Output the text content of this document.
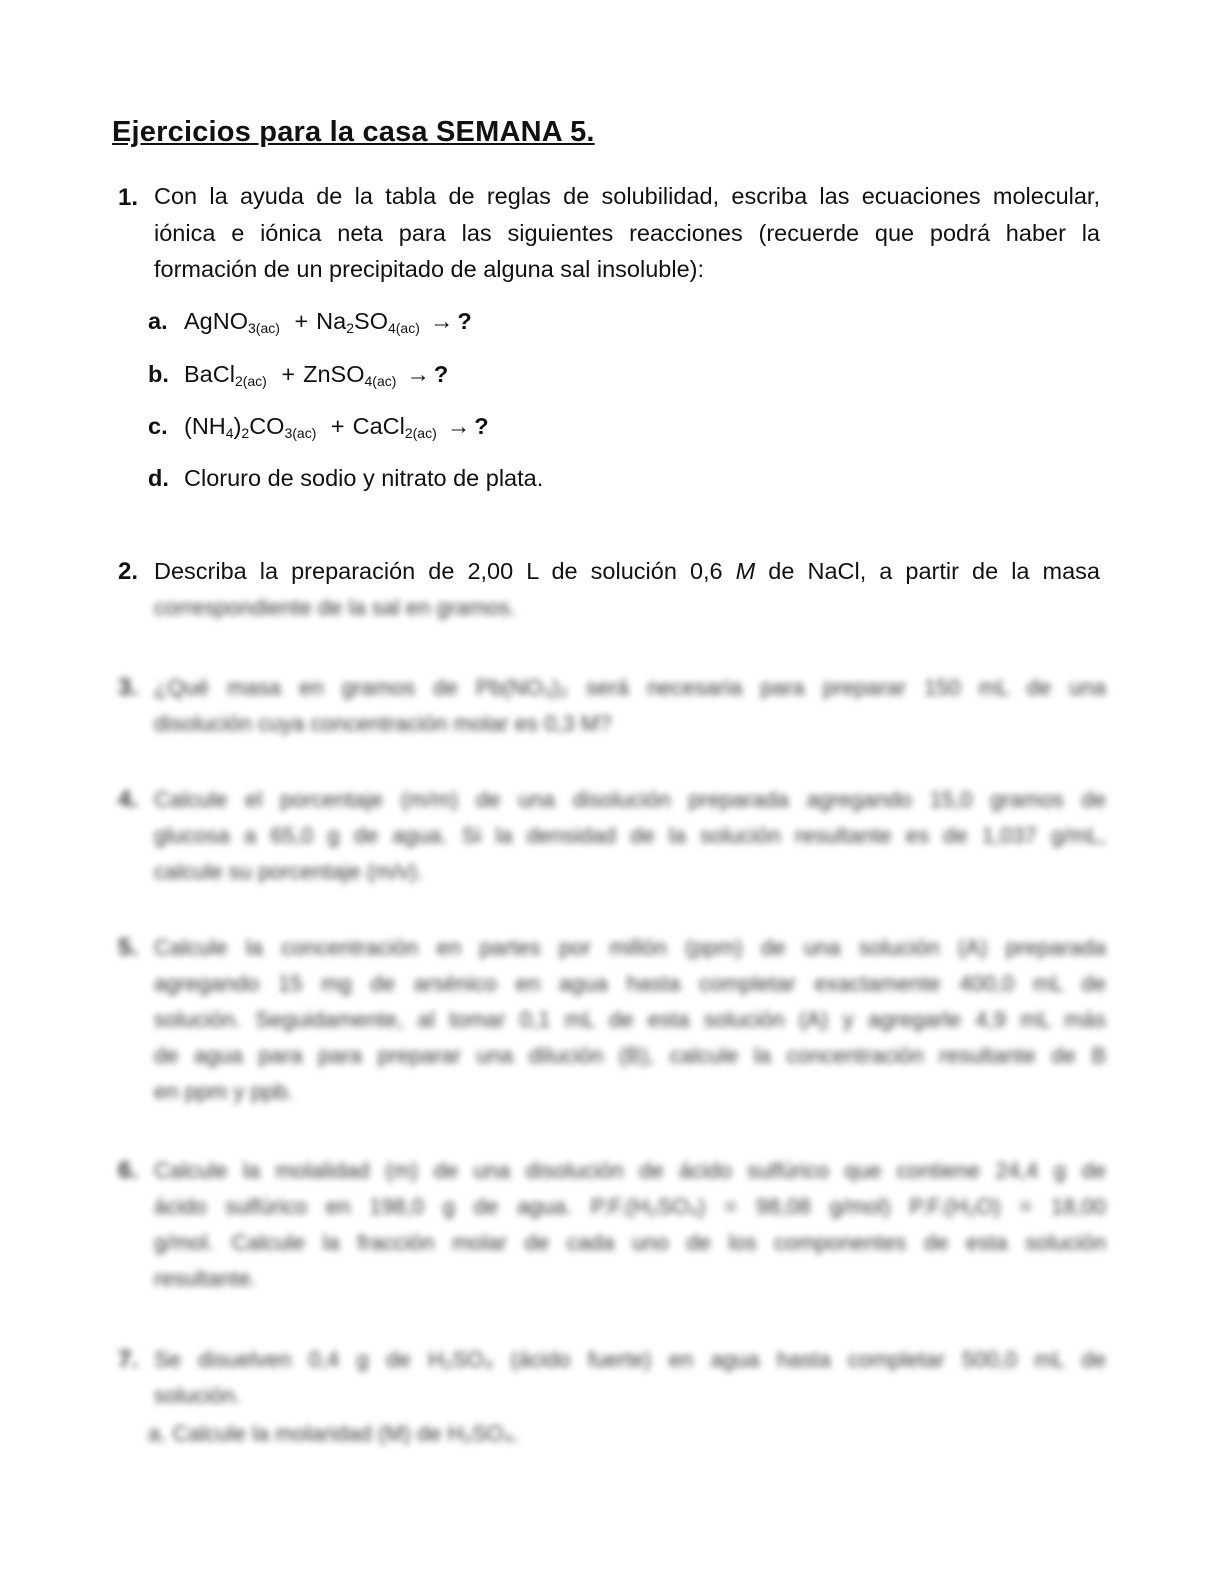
Ejercicios para la casa SEMANA 5.
1. Con la ayuda de la tabla de reglas de solubilidad, escriba las ecuaciones molecular,
iónica e iónica neta para las siguientes reacciones (recuerde que podrá haber la
formación de un precipitado de alguna sal insoluble):
a. AgNO$_{3(ac)}$ + $Na_2SO_{4(ac)}$ → ?
b. BaCl$_{2(ac)}$ + ZnSO$_{4(ac)}$ → ?
c. $(NH_4)_2CO_{3(ac)}$ + CaCl$_{2(ac)}$ → ?
d. Cloruro de sodio y nitrato de plata.
2. Describa la preparación de 2,00 L de solución 0,6 M de NaCl, a partir de la masa
correspondiente de la sal en gramos.
3. ¿Qué masa en gramos de Pb(NO₃)₂ será necesaria para preparar 150 mL de una
disolución cuya concentración molar es 0,3 M?
4. Calcule el porcentaje (m/m) de una disolución preparada agregando 15,0 gramos de
glucosa a 65,0 g de agua. Si la densidad de la solución resultante es de 1,037 g/mL,
calcule su porcentaje (m/v).
5. Calcule la concentración en partes por millón (ppm) de una solución (A) preparada
agregando 15 mg de arsénico en agua hasta completar exactamente 400,0 mL de
solución. Seguidamente, al tomar 0,1 mL de esta solución (A) y agregarle 4,9 mL más
de agua para para preparar una dilución (B), calcule la concentración resultante de B
en ppm y ppb.
6. Calcule la molalidad (m) de una disolución de ácido sulfúrico que contiene 24,4 g de
ácido sulfúrico en 198,0 g de agua. P.F.(H₂SO₄) = 98,08 g/mol) P.F.(H₂O) = 18,00
g/mol. Calcule la fracción molar de cada uno de los componentes de esta solución
resultante.
7. Se disuelven 0,4 g de H₂SO₄ (ácido fuerte) en agua hasta completar 500,0 mL de
solución.
a. Calcule la molaridad (M) de H₂SO₄.
